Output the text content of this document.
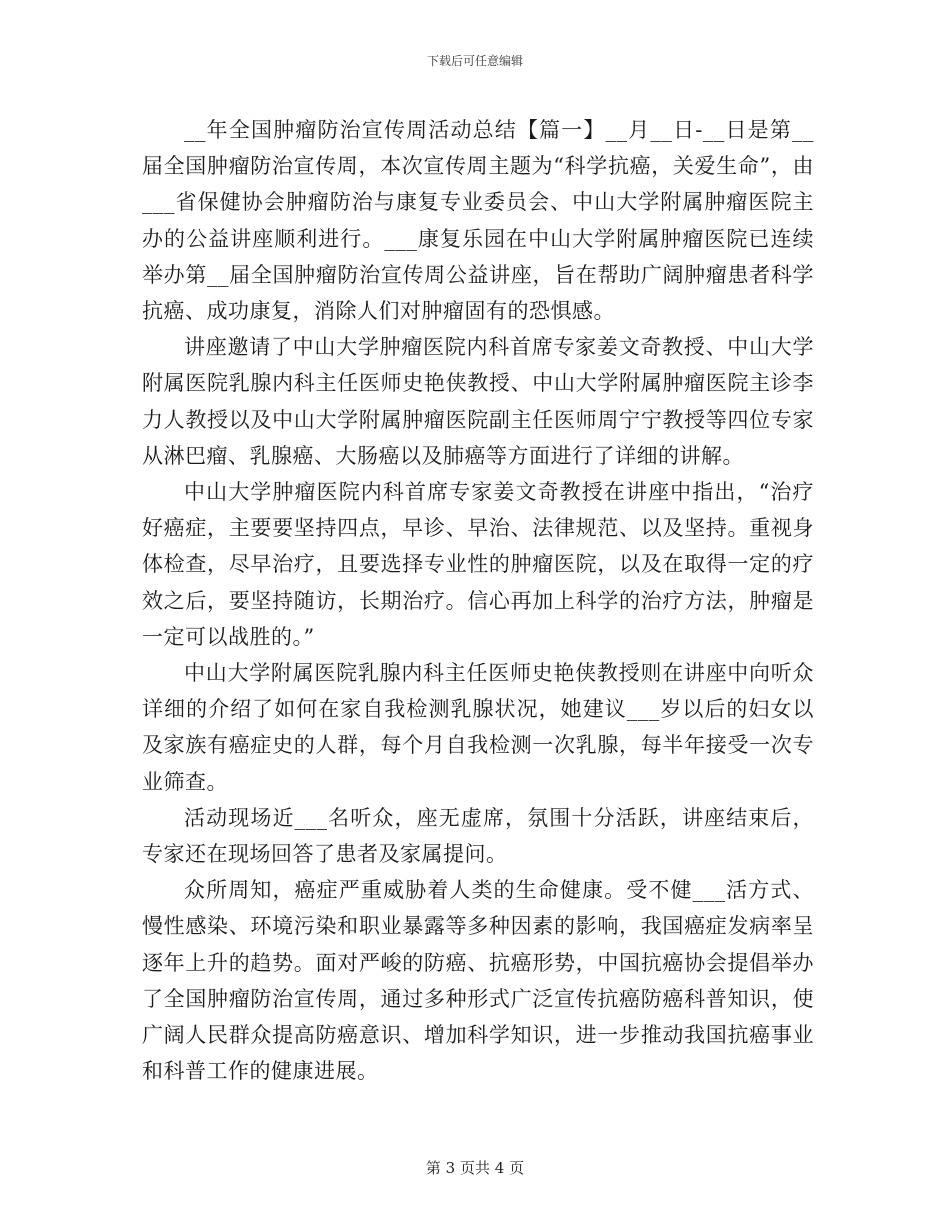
下载后可任意编辑

__年全国肿瘤防治宣传周活动总结【篇一】__月__日-__日是第__届全国肿瘤防治宣传周，本次宣传周主题为“科学抗癌，关爱生命”，由___省保健协会肿瘤防治与康复专业委员会、中山大学附属肿瘤医院主办的公益讲座顺利进行。___康复乐园在中山大学附属肿瘤医院已连续举办第__届全国肿瘤防治宣传周公益讲座，旨在帮助广阔肿瘤患者科学抗癌、成功康复，消除人们对肿瘤固有的恐惧感。

讲座邀请了中山大学肿瘤医院内科首席专家姜文奇教授、中山大学附属医院乳腺内科主任医师史艳侠教授、中山大学附属肿瘤医院主诊李力人教授以及中山大学附属肿瘤医院副主任医师周宁宁教授等四位专家从淋巴瘤、乳腺癌、大肠癌以及肺癌等方面进行了详细的讲解。

中山大学肿瘤医院内科首席专家姜文奇教授在讲座中指出，“治疗好癌症，主要要坚持四点，早诊、早治、法律规范、以及坚持。重视身体检查，尽早治疗，且要选择专业性的肿瘤医院，以及在取得一定的疗效之后，要坚持随访，长期治疗。信心再加上科学的治疗方法，肿瘤是一定可以战胜的。”

中山大学附属医院乳腺内科主任医师史艳侠教授则在讲座中向听众详细的介绍了如何在家自我检测乳腺状况，她建议___岁以后的妇女以及家族有癌症史的人群，每个月自我检测一次乳腺，每半年接受一次专业筛查。

活动现场近___名听众，座无虚席，氛围十分活跃，讲座结束后，专家还在现场回答了患者及家属提问。

众所周知，癌症严重威胁着人类的生命健康。受不健___活方式、慢性感染、环境污染和职业暴露等多种因素的影响，我国癌症发病率呈逐年上升的趋势。面对严峻的防癌、抗癌形势，中国抗癌协会提倡举办了全国肿瘤防治宣传周，通过多种形式广泛宣传抗癌防癌科普知识，使广阔人民群众提高防癌意识、增加科学知识，进一步推动我国抗癌事业和科普工作的健康进展。

第 3 页共 4 页
